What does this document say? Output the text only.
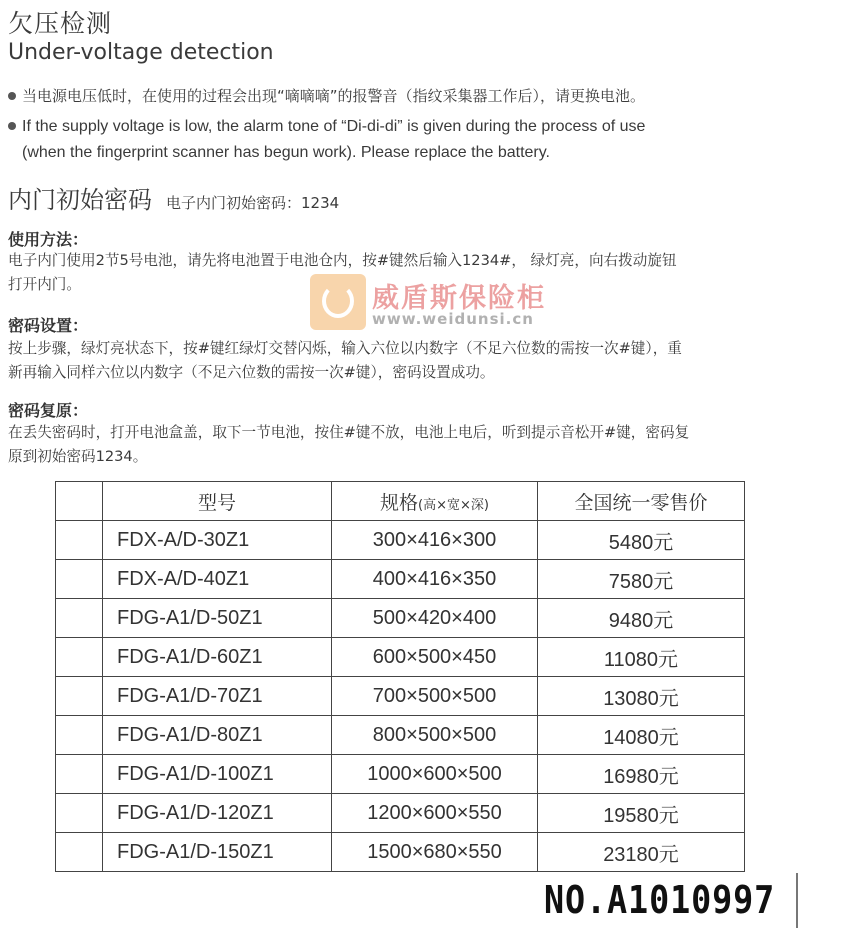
欠压检测
Under-voltage detection
当电源电压低时，在使用的过程会出现“嘀嘀嘀”的报警音（指纹采集器工作后），请更换电池。
If the supply voltage is low, the alarm tone of “Di-di-di” is given during the process of use
(when the fingerprint scanner has begun work). Please replace the battery.
内门初始密码 电子内门初始密码：1234
使用方法：
电子内门使用2节5号电池，请先将电池置于电池仓内，按#键然后输入1234#， 绿灯亮，向右拨动旋钮
打开内门。	威盾斯保险柜
www.weidunsi.cn
密码设置：
按上步骤，绿灯亮状态下，按#键红绿灯交替闪烁，输入六位以内数字（不足六位数的需按一次#键），重
新再输入同样六位以内数字（不足六位数的需按一次#键），密码设置成功。
密码复原：
在丢失密码时，打开电池盒盖，取下一节电池，按住#键不放，电池上电后，听到提示音松开#键，密码复
原到初始密码1234。
	型号	规格(高×宽×深)	全国统一零售价
	FDX-A/D-30Z1	300×416×300	5480元
	FDX-A/D-40Z1	400×416×350	7580元
	FDG-A1/D-50Z1	500×420×400	9480元
	FDG-A1/D-60Z1	600×500×450	11080元
	FDG-A1/D-70Z1	700×500×500	13080元
	FDG-A1/D-80Z1	800×500×500	14080元
	FDG-A1/D-100Z1	1000×600×500	16980元
	FDG-A1/D-120Z1	1200×600×550	19580元
	FDG-A1/D-150Z1	1500×680×550	23180元
NO.A1010997
